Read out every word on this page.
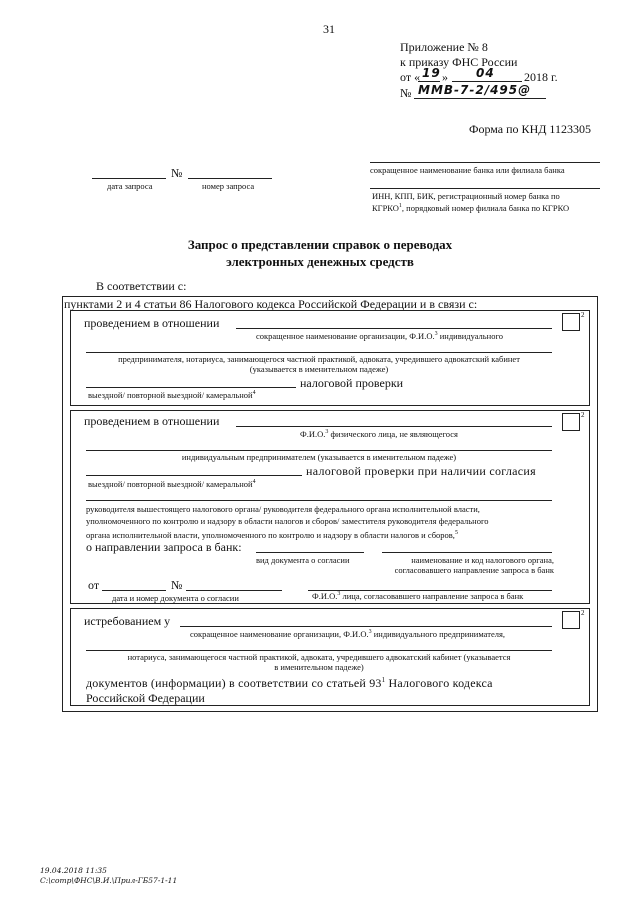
31
Приложение № 8
к приказу ФНС России
от « 19 » 04 2018 г.
№ ММВ-7-2/495@
Форма по КНД 1123305
№
дата запроса	номер запроса
сокращенное наименование банка или филиала банка
ИНН, КПП, БИК, регистрационный номер банка по
КГРКО$^1$, порядковый номер филиала банка по КГРКО
Запрос о представлении справок о переводах
электронных денежных средств
В соответствии с:
пунктами 2 и 4 статьи 86 Налогового кодекса Российской Федерации и в связи с:
проведением в отношении
2
сокращенное наименование организации, Ф.И.О.$^3$ индивидуального
предпринимателя, нотариуса, занимающегося частной практикой, адвоката, учредившего адвокатский кабинет
(указывается в именительном падеже)
налоговой проверки
выездной/ повторной выездной/ камеральной$^4$
проведением в отношении	2
Ф.И.О.$^3$ физического лица, не являющегося
индивидуальным предпринимателем (указывается в именительном падеже)
налоговой проверки при наличии согласия
выездной/ повторной выездной/ камеральной$^4$
руководителя вышестоящего налогового органа/ руководителя федерального органа исполнительной власти,
уполномоченного по контролю и надзору в области налогов и сборов/ заместителя руководителя федерального
органа исполнительной власти, уполномоченного по контролю и надзору в области налогов и сборов,$^5$
о направлении запроса в банк:
вид документа о согласии	наименование и код налогового органа,
согласовавшего направление запроса в банк
от	№
дата и номер документа о согласии	Ф.И.О.$^3$ лица, согласовавшего направление запроса в банк
истребованием у
2
сокращенное наименование организации, Ф.И.О.$^3$ индивидуального предпринимателя,
нотариуса, занимающегося частной практикой, адвоката, учредившего адвокатский кабинет (указывается
в именительном падеже)
документов (информации) в соответствии со статьей $93^1$ Налогового кодекса
Российской Федерации
19.04.2018 11:35
С:\comp\ФНС\В.И.\Прил-ГБ57-1-11
